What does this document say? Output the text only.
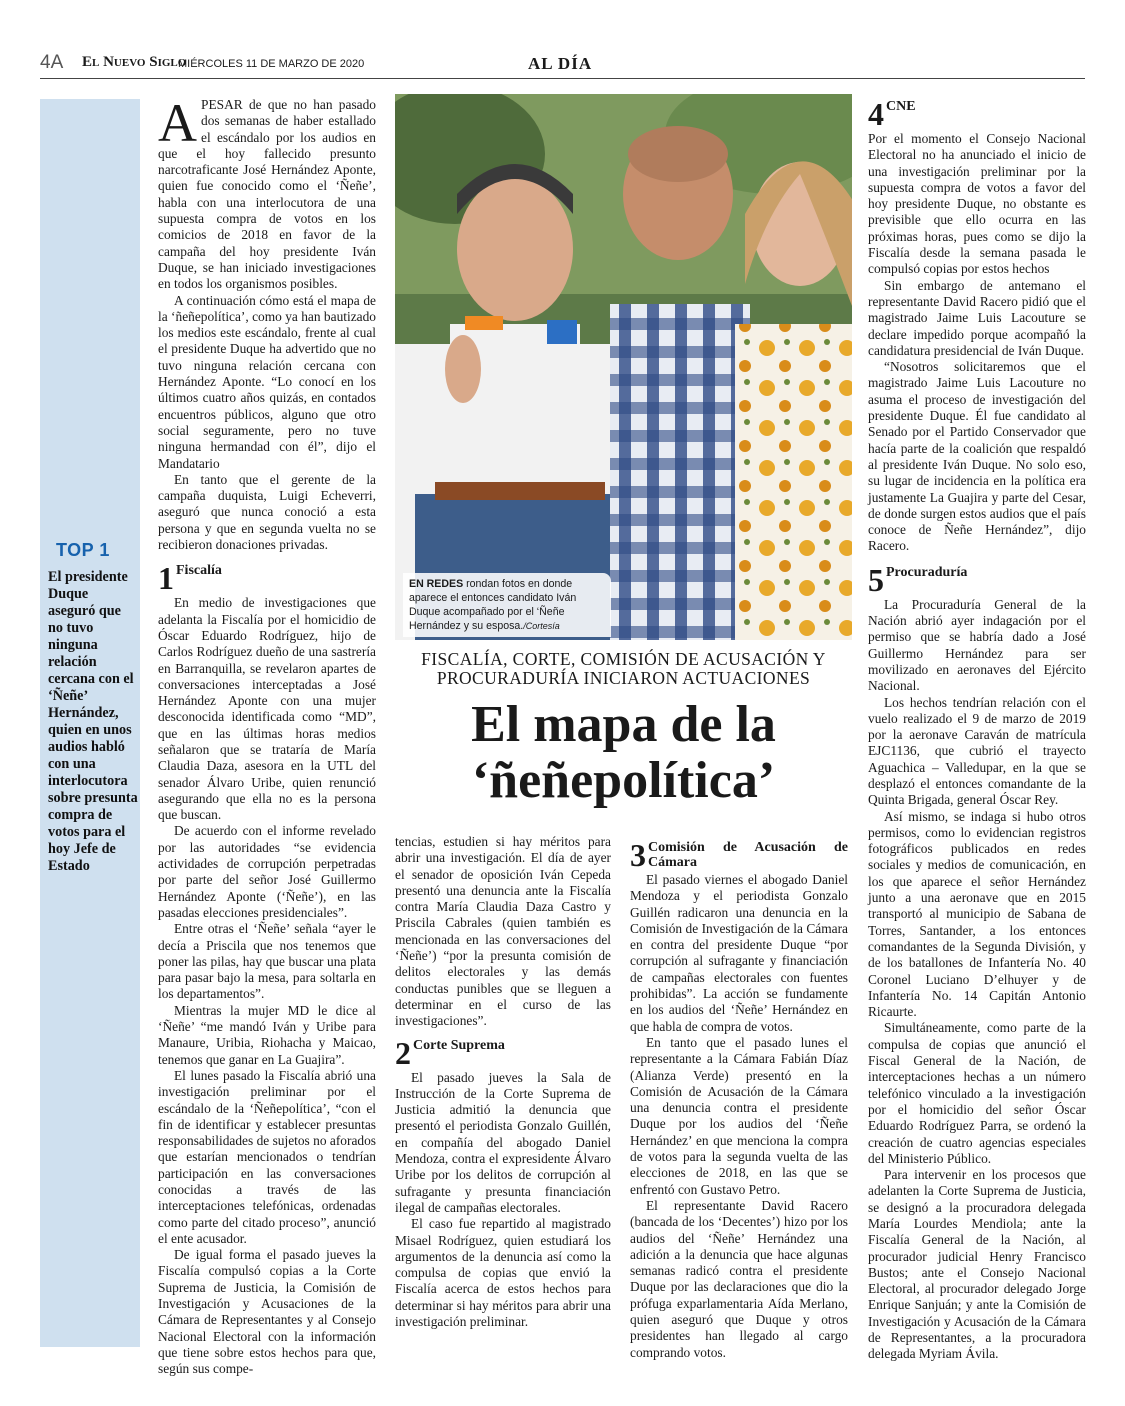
4A El Nuevo Siglo
MIÉRCOLES 11 DE MARZO DE 2020	AL DÍA
TOP 1
El presidente Duque aseguró que no tuvo ninguna relación cercana con el ‘Ñeñe’ Hernández, quien en unos audios habló con una interlocutora sobre presunta compra de votos para el hoy Jefe de Estado

APESAR de que no han pasado dos semanas de haber estallado el escándalo por los audios en que el hoy fallecido presunto narcotraficante José Hernández Aponte, quien fue conocido como el ‘Ñeñe’, habla con una interlocutora de una supuesta compra de votos en los comicios de 2018 en favor de la campaña del hoy presidente Iván Duque, se han iniciado investigaciones en todos los organismos posibles.

A continuación cómo está el mapa de la ‘ñeñepolítica’, como ya han bautizado los medios este escándalo, frente al cual el presidente Duque ha advertido que no tuvo ninguna relación cercana con Hernández Aponte. “Lo conocí en los últimos cuatro años quizás, en contados encuentros públicos, alguno que otro social seguramente, pero no tuve ninguna hermandad con él”, dijo el Mandatario

En tanto que el gerente de la campaña duquista, Luigi Echeverri, aseguró que nunca conoció a esta persona y que en segunda vuelta no se recibieron donaciones privadas.

1 Fiscalía

En medio de investigaciones que adelanta la Fiscalía por el homicidio de Óscar Eduardo Rodríguez, hijo de Carlos Rodríguez dueño de una sastrería en Barranquilla, se revelaron apartes de conversaciones interceptadas a José Hernández Aponte con una mujer desconocida identificada como “MD”, que en las últimas horas medios señalaron que se trataría de María Claudia Daza, asesora en la UTL del senador Álvaro Uribe, quien renunció asegurando que ella no es la persona que buscan.

De acuerdo con el informe revelado por las autoridades “se evidencia actividades de corrupción perpetradas por parte del señor José Guillermo Hernández Aponte (‘Ñeñe’), en las pasadas elecciones presidenciales”.

Entre otras el ‘Ñeñe’ señala “ayer le decía a Priscila que nos tenemos que poner las pilas, hay que buscar una plata para pasar bajo la mesa, para soltarla en los departamentos”.

Mientras la mujer MD le dice al ‘Ñeñe’ “me mandó Iván y Uribe para Manaure, Uribia, Riohacha y Maicao, tenemos que ganar en La Guajira”.

El lunes pasado la Fiscalía abrió una investigación preliminar por el escándalo de la ‘Ñeñepolítica’, “con el fin de identificar y establecer presuntas responsabilidades de sujetos no aforados que estarían mencionados o tendrían participación en las conversaciones conocidas a través de las interceptaciones telefónicas, ordenadas como parte del citado proceso”, anunció el ente acusador.

De igual forma el pasado jueves la Fiscalía compulsó copias a la Corte Suprema de Justicia, la Comisión de Investigación y Acusaciones de la Cámara de Representantes y al Consejo Nacional Electoral con la información que tiene sobre estos hechos para que, según sus compe-

EN REDES rondan fotos en donde aparece el entonces candidato Iván Duque acompañado por el ‘Ñeñe Hernández y su esposa./Cortesía
FISCALÍA, CORTE, COMISIÓN DE ACUSACIÓN Y PROCURADURÍA INICIARON ACTUACIONES
El mapa de la ‘ñeñepolítica’

tencias, estudien si hay méritos para abrir una investigación. El día de ayer el senador de oposición Iván Cepeda presentó una denuncia ante la Fiscalía contra María Claudia Daza Castro y Priscila Cabrales (quien también es mencionada en las conversaciones del ‘Ñeñe’) “por la presunta comisión de delitos electorales y las demás conductas punibles que se lleguen a determinar en el curso de las investigaciones”.

2 Corte Suprema

El pasado jueves la Sala de Instrucción de la Corte Suprema de Justicia admitió la denuncia que presentó el periodista Gonzalo Guillén, en compañía del abogado Daniel Mendoza, contra el expresidente Álvaro Uribe por los delitos de corrupción al sufragante y presunta financiación ilegal de campañas electorales.

El caso fue repartido al magistrado Misael Rodríguez, quien estudiará los argumentos de la denuncia así como la compulsa de copias que envió la Fiscalía acerca de estos hechos para determinar si hay méritos para abrir una investigación preliminar.

3 Comisión de Acusación de Cámara

El pasado viernes el abogado Daniel Mendoza y el periodista Gonzalo Guillén radicaron una denuncia en la Comisión de Investigación de la Cámara en contra del presidente Duque “por corrupción al sufragante y financiación de campañas electorales con fuentes prohibidas”. La acción se fundamente en los audios del ‘Ñeñe’ Hernández en que habla de compra de votos.

En tanto que el pasado lunes el representante a la Cámara Fabián Díaz (Alianza Verde) presentó en la Comisión de Acusación de la Cámara una denuncia contra el presidente Duque por los audios del ‘Ñeñe Hernández’ en que menciona la compra de votos para la segunda vuelta de las elecciones de 2018, en las que se enfrentó con Gustavo Petro.

El representante David Racero (bancada de los ‘Decentes’) hizo por los audios del ‘Ñeñe’ Hernández una adición a la denuncia que hace algunas semanas radicó contra el presidente Duque por las declaraciones que dio la prófuga exparlamentaria Aída Merlano, quien aseguró que Duque y otros presidentes han llegado al cargo comprando votos.

4 CNE

Por el momento el Consejo Nacional Electoral no ha anunciado el inicio de una investigación preliminar por la supuesta compra de votos a favor del hoy presidente Duque, no obstante es previsible que ello ocurra en las próximas horas, pues como se dijo la Fiscalía desde la semana pasada le compulsó copias por estos hechos

Sin embargo de antemano el representante David Racero pidió que el magistrado Jaime Luis Lacouture se declare impedido porque acompañó la candidatura presidencial de Iván Duque.

“Nosotros solicitaremos que el magistrado Jaime Luis Lacouture no asuma el proceso de investigación del presidente Duque. Él fue candidato al Senado por el Partido Conservador que hacía parte de la coalición que respaldó al presidente Iván Duque. No solo eso, su lugar de incidencia en la política era justamente La Guajira y parte del Cesar, de donde surgen estos audios que el país conoce de Ñeñe Hernández”, dijo Racero.

5 Procuraduría

La Procuraduría General de la Nación abrió ayer indagación por el permiso que se habría dado a José Guillermo Hernández para ser movilizado en aeronaves del Ejército Nacional.

Los hechos tendrían relación con el vuelo realizado el 9 de marzo de 2019 por la aeronave Caraván de matrícula EJC1136, que cubrió el trayecto Aguachica – Valledupar, en la que se desplazó el entonces comandante de la Quinta Brigada, general Óscar Rey.

Así mismo, se indaga si hubo otros permisos, como lo evidencian registros fotográficos publicados en redes sociales y medios de comunicación, en los que aparece el señor Hernández junto a una aeronave que en 2015 transportó al municipio de Sabana de Torres, Santander, a los entonces comandantes de la Segunda División, y de los batallones de Infantería No. 40 Coronel Luciano D’elhuyer y de Infantería No. 14 Capitán Antonio Ricaurte.

Simultáneamente, como parte de la compulsa de copias que anunció el Fiscal General de la Nación, de interceptaciones hechas a un número telefónico vinculado a la investigación por el homicidio del señor Óscar Eduardo Rodríguez Parra, se ordenó la creación de cuatro agencias especiales del Ministerio Público.

Para intervenir en los procesos que adelanten la Corte Suprema de Justicia, se designó a la procuradora delegada María Lourdes Mendiola; ante la Fiscalía General de la Nación, al procurador judicial Henry Francisco Bustos; ante el Consejo Nacional Electoral, al procurador delegado Jorge Enrique Sanjuán; y ante la Comisión de Investigación y Acusación de la Cámara de Representantes, a la procuradora delegada Myriam Ávila.
